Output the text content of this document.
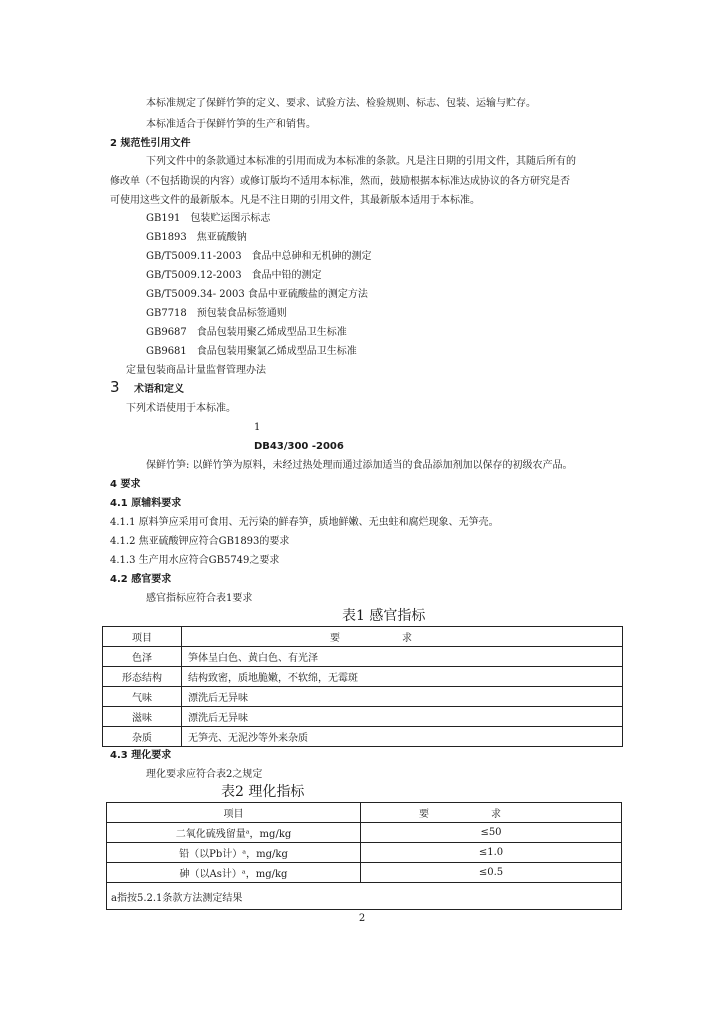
本标准规定了保鲜竹笋的定义、要求、试验方法、检验规则、标志、包装、运输与贮存。
本标准适合于保鲜竹笋的生产和销售。
2 规范性引用文件
下列文件中的条款通过本标准的引用而成为本标准的条款。凡是注日期的引用文件，其随后所有的
修改单（不包括勘误的内容）或修订版均不适用本标准，然而，鼓励根据本标准达成协议的各方研究是否
可使用这些文件的最新版本。凡是不注日期的引用文件，其最新版本适用于本标准。
GB191　包装贮运图示标志
GB1893　焦亚硫酸钠
GB/T5009.11-2003　食品中总砷和无机砷的测定
GB/T5009.12-2003　食品中铅的测定
GB/T5009.34- 2003 食品中亚硫酸盐的测定方法
GB7718　预包装食品标签通则
GB9687　食品包装用聚乙烯成型品卫生标准
GB9681　食品包装用聚氯乙烯成型品卫生标准
定量包装商品计量监督管理办法
3 术语和定义
下列术语使用于本标准。
1
DB43/300 -2006
保鲜竹笋: 以鲜竹笋为原料，未经过热处理而通过添加适当的食品添加剂加以保存的初级农产品。
4 要求
4.1 原辅料要求
4.1.1 原料笋应采用可食用、无污染的鲜春笋，质地鲜嫩、无虫蛀和腐烂现象、无笋壳。
4.1.2 焦亚硫酸钾应符合GB1893的要求
4.1.3 生产用水应符合GB5749之要求
4.2 感官要求
感官指标应符合表1要求
表1 感官指标
项目	要求
色泽	笋体呈白色、黄白色、有光泽
形态结构	结构致密，质地脆嫩，不软绵，无霉斑
气味	漂洗后无异味
滋味	漂洗后无异味
杂质	无笋壳、无泥沙等外来杂质
4.3 理化要求
理化要求应符合表2之规定
表2 理化指标
项目	要求
二氧化硫残留量ᵃ，mg/kg	≤50
铅（以Pb计）ᵃ，mg/kg	≤1.0
砷（以As计）ᵃ，mg/kg	≤0.5
a指按5.2.1条款方法测定结果	
2
